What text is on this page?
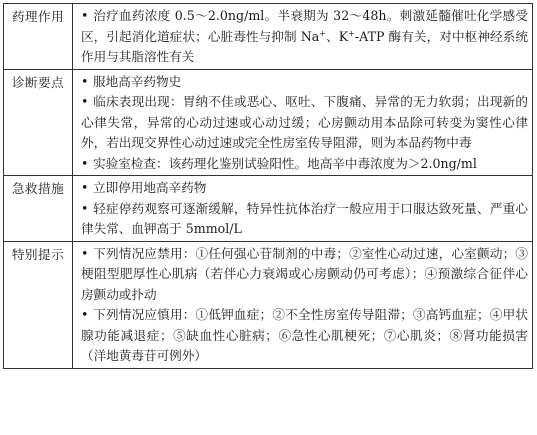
药理作用	• 治疗血药浓度 0.5～2.0ng/ml。半衰期为 32～48h。刺激延髓催吐化学感受区，引起消化道症状；心脏毒性与抑制 Na+、K+-ATP 酶有关，对中枢神经系统作用与其脂溶性有关

诊断要点	• 服地高辛药物史

• 临床表现出现：胃纳不佳或恶心、呕吐、下腹痛、异常的无力软弱；出现新的心律失常，异常的心动过速或心动过缓；心房颤动用本品除可转变为窦性心律外，若出现交界性心动过速或完全性房室传导阻滞，则为本品药物中毒

• 实验室检查：该药理化鉴别试验阳性。地高辛中毒浓度为＞2.0ng/ml

急救措施	• 立即停用地高辛药物

• 轻症停药观察可逐渐缓解，特异性抗体治疗一般应用于口服达致死量、严重心律失常、血钾高于 5mmol/L

特别提示	• 下列情况应禁用：①任何强心苷制剂的中毒；②室性心动过速，心室颤动；③梗阻型肥厚性心肌病（若伴心力衰竭或心房颤动仍可考虑）；④预激综合征伴心房颤动或扑动

• 下列情况应慎用：①低钾血症；②不全性房室传导阻滞；③高钙血症；④甲状腺功能减退症；⑤缺血性心脏病；⑥急性心肌梗死；⑦心肌炎；⑧肾功能损害（洋地黄毒苷可例外）
